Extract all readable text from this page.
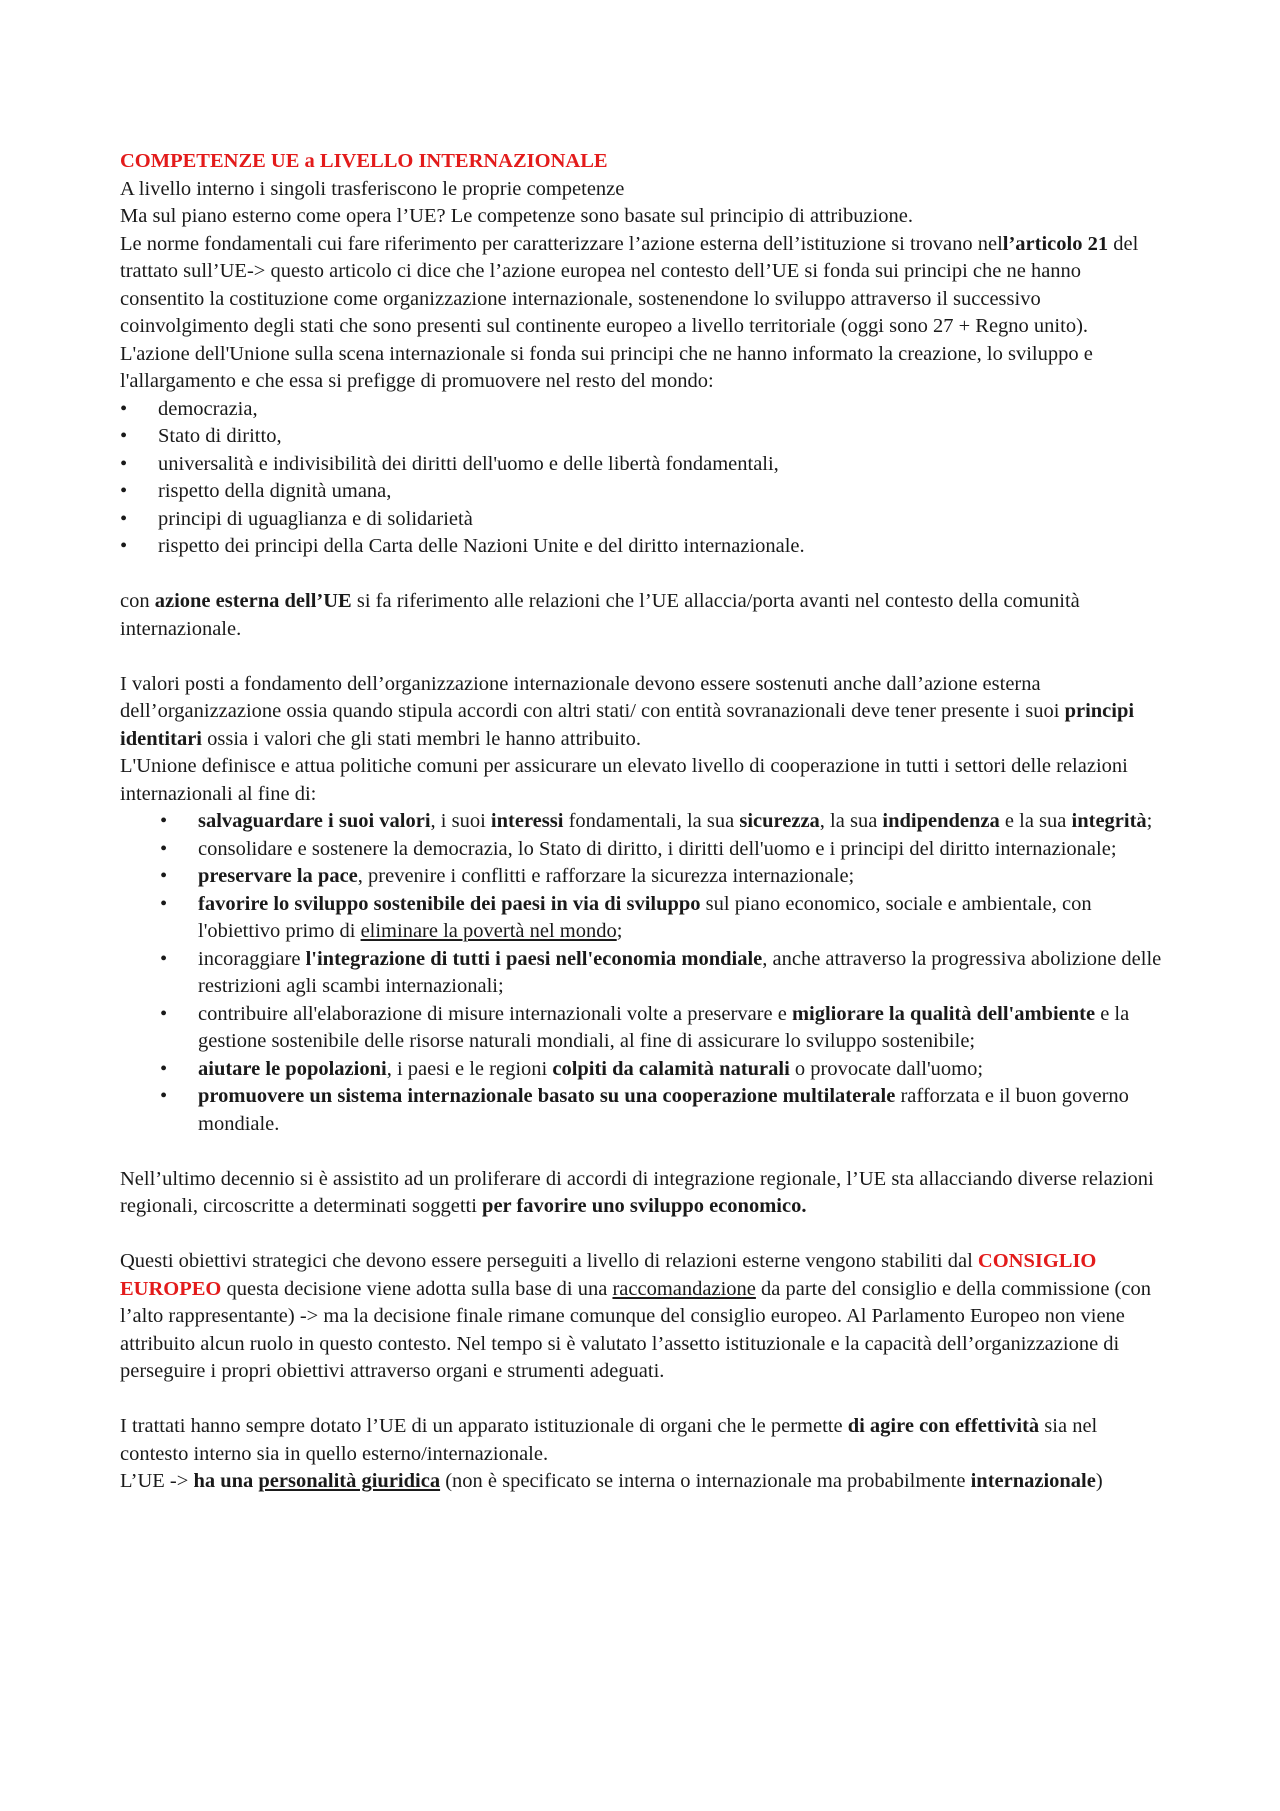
COMPETENZE UE a LIVELLO INTERNAZIONALE

A livello interno i singoli trasferiscono le proprie competenze

Ma sul piano esterno come opera l’UE? Le competenze sono basate sul principio di attribuzione.

Le norme fondamentali cui fare riferimento per caratterizzare l’azione esterna dell’istituzione si trovano nell’articolo 21 del trattato sull’UE-> questo articolo ci dice che l’azione europea nel contesto dell’UE si fonda sui principi che ne hanno consentito la costituzione come organizzazione internazionale, sostenendone lo sviluppo attraverso il successivo coinvolgimento degli stati che sono presenti sul continente europeo a livello territoriale (oggi sono 27 + Regno unito).

L'azione dell'Unione sulla scena internazionale si fonda sui principi che ne hanno informato la creazione, lo sviluppo e l'allargamento e che essa si prefigge di promuovere nel resto del mondo:

• democrazia,
• Stato di diritto,
• universalità e indivisibilità dei diritti dell'uomo e delle libertà fondamentali,
• rispetto della dignità umana,
• principi di uguaglianza e di solidarietà
• rispetto dei principi della Carta delle Nazioni Unite e del diritto internazionale.

con azione esterna dell’UE si fa riferimento alle relazioni che l’UE allaccia/porta avanti nel contesto della comunità internazionale.

I valori posti a fondamento dell’organizzazione internazionale devono essere sostenuti anche dall’azione esterna dell’organizzazione ossia quando stipula accordi con altri stati/ con entità sovranazionali deve tener presente i suoi principi identitari ossia i valori che gli stati membri le hanno attribuito.

L'Unione definisce e attua politiche comuni per assicurare un elevato livello di cooperazione in tutti i settori delle relazioni internazionali al fine di:

• salvaguardare i suoi valori, i suoi interessi fondamentali, la sua sicurezza, la sua indipendenza e la sua integrità;
• consolidare e sostenere la democrazia, lo Stato di diritto, i diritti dell'uomo e i principi del diritto internazionale;
• preservare la pace, prevenire i conflitti e rafforzare la sicurezza internazionale;
• favorire lo sviluppo sostenibile dei paesi in via di sviluppo sul piano economico, sociale e ambientale, con l'obiettivo primo di eliminare la povertà nel mondo;
• incoraggiare l'integrazione di tutti i paesi nell'economia mondiale, anche attraverso la progressiva abolizione delle restrizioni agli scambi internazionali;
• contribuire all'elaborazione di misure internazionali volte a preservare e migliorare la qualità dell'ambiente e la gestione sostenibile delle risorse naturali mondiali, al fine di assicurare lo sviluppo sostenibile;
• aiutare le popolazioni, i paesi e le regioni colpiti da calamità naturali o provocate dall'uomo;
• promuovere un sistema internazionale basato su una cooperazione multilaterale rafforzata e il buon governo mondiale.

Nell’ultimo decennio si è assistito ad un proliferare di accordi di integrazione regionale, l’UE sta allacciando diverse relazioni regionali, circoscritte a determinati soggetti per favorire uno sviluppo economico.

Questi obiettivi strategici che devono essere perseguiti a livello di relazioni esterne vengono stabiliti dal CONSIGLIO EUROPEO questa decisione viene adotta sulla base di una raccomandazione da parte del consiglio e della commissione (con l’alto rappresentante) -> ma la decisione finale rimane comunque del consiglio europeo. Al Parlamento Europeo non viene attribuito alcun ruolo in questo contesto. Nel tempo si è valutato l’assetto istituzionale e la capacità dell’organizzazione di perseguire i propri obiettivi attraverso organi e strumenti adeguati.

I trattati hanno sempre dotato l’UE di un apparato istituzionale di organi che le permette di agire con effettività sia nel contesto interno sia in quello esterno/internazionale.

L’UE -> ha una personalità giuridica (non è specificato se interna o internazionale ma probabilmente internazionale)
